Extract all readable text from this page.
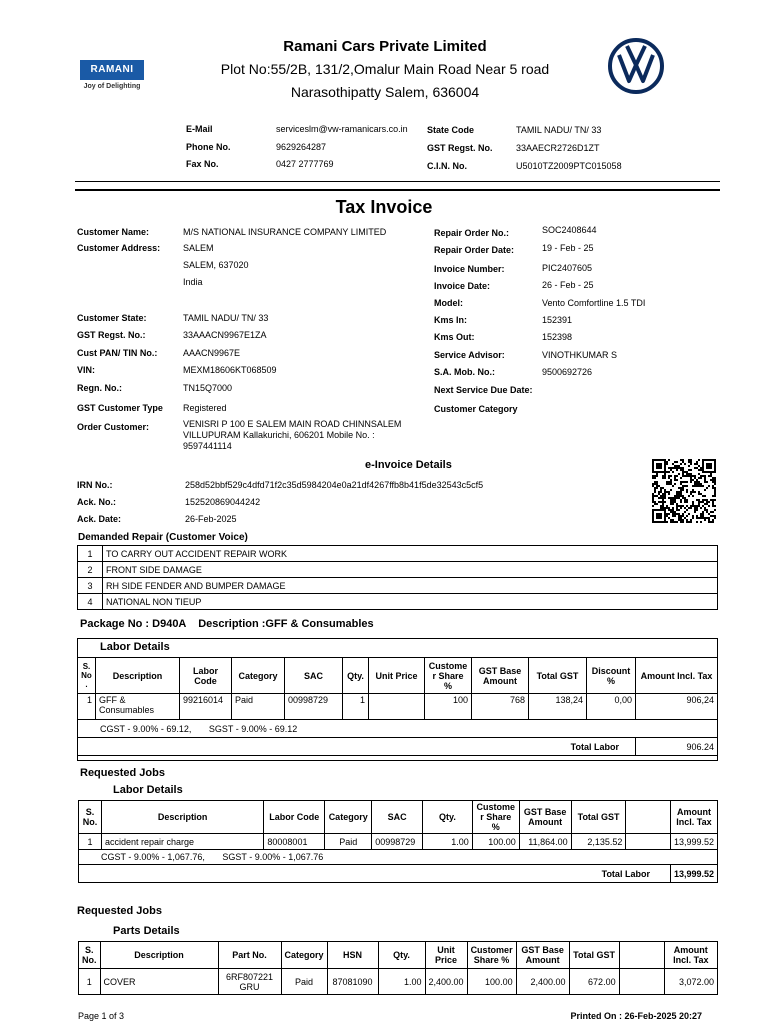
RAMANI
Joy of Delighting
Ramani Cars Private Limited
Plot No:55/2B, 131/2,Omalur Main Road Near 5 road
Narasothipatty Salem, 636004
E-Mail	serviceslm@vw-ramanicars.co.in
Phone No.	9629264287
Fax No.	0427 2777769
State Code	TAMIL NADU/ TN/ 33
GST Regst. No.	33AAECR2726D1ZT
C.I.N. No.	U5010TZ2009PTC015058
Tax Invoice
Customer Name:	M/S NATIONAL INSURANCE COMPANY LIMITED
Customer Address:	SALEM
SALEM, 637020
India
Customer State:	TAMIL NADU/ TN/ 33
GST Regst. No.:	33AAACN9967E1ZA
Cust PAN/ TIN No.:	AAACN9967E
VIN:	MEXM18606KT068509
Regn. No.:	TN15Q7000
GST Customer Type Registered
Order Customer:	VENISRI P 100 E SALEM MAIN ROAD CHINNSALEM
VILLUPURAM Kallakurichi, 606201 Mobile No. :
9597441114
Repair Order No.:	SOC2408644
Repair Order Date:	19 - Feb - 25
Invoice Number:	PIC2407605
Invoice Date:	26 - Feb - 25
Model:	Vento Comfortline 1.5 TDI
Kms In:	152391
Kms Out:	152398
Service Advisor:	VINOTHKUMAR S
S.A. Mob. No.:	9500692726
Next Service Due Date:
Customer Category
e-Invoice Details
IRN No.:	258d52bbf529c4dfd71f2c35d5984204e0a21df4267ffb8b41f5de32543c5cf5
Ack. No.:	152520869044242
Ack. Date:	26-Feb-2025
Demanded Repair (Customer Voice)
1	TO CARRY OUT ACCIDENT REPAIR WORK
2	FRONT SIDE DAMAGE
3	RH SIDE FENDER AND BUMPER DAMAGE
4	NATIONAL NON TIEUP
Package No : D940A    Description :GFF & Consumables
Labor Details
S. No .	Description	Labor Code	Category	SAC	Qty.	Unit Price	Custome r Share %	GST Base Amount	Total GST	Discount %	Amount Incl. Tax
1	GFF & Consumables	99216014	Paid	00998729	1		100	768	138,24	0,00	906,24
CGST - 9.00% - 69.12,       SGST - 9.00% - 69.12											
Total Labor											906.24
Requested Jobs
Labor Details
S. No.	Description	Labor Code	Category	SAC	Qty.	Custome r Share %	GST Base Amount	Total GST		Amount Incl. Tax
1	accident repair charge	80008001	Paid	00998729	1.00	100.00	11,864.00	2,135.52		13,999.52
CGST - 9.00% - 1,067.76,       SGST - 9.00% - 1,067.76										
Total Labor										13,999.52
Requested Jobs
Parts Details
S. No.	Description	Part No.	Category	HSN	Qty.	Unit Price	Customer Share %	GST Base Amount	Total GST		Amount Incl. Tax
1	COVER	6RF807221 GRU	Paid	87081090	1.00	2,400.00	100.00	2,400.00	672.00		3,072.00
Page 1 of 3	Printed On : 26-Feb-2025 20:27
